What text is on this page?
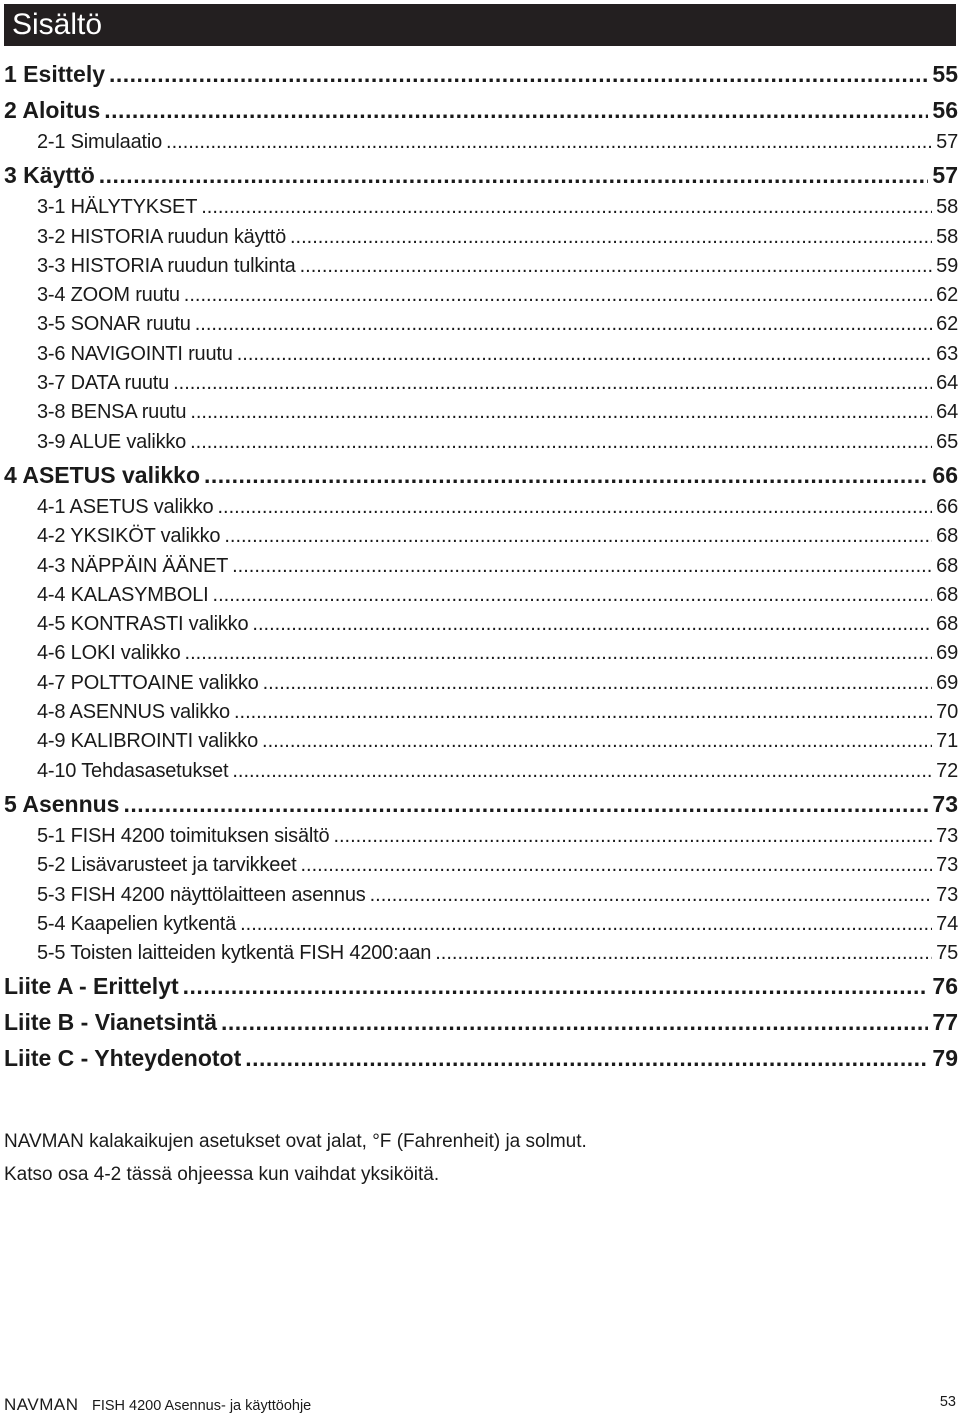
Sisältö
1 Esittely .....	55
2 Aloitus .....	56
2-1 Simulaatio .....	57
3 Käyttö .....	57
3-1 HÄLYTYKSET .....	58
3-2 HISTORIA ruudun käyttö .....	58
3-3 HISTORIA ruudun tulkinta .....	59
3-4 ZOOM ruutu .....	62
3-5 SONAR ruutu .....	62
3-6 NAVIGOINTI ruutu .....	63
3-7 DATA ruutu .....	64
3-8 BENSA ruutu .....	64
3-9 ALUE valikko .....	65
4 ASETUS valikko .....	66
4-1 ASETUS valikko .....	66
4-2 YKSIKÖT valikko .....	68
4-3 NÄPPÄIN ÄÄNET .....	68
4-4 KALASYMBOLI .....	68
4-5 KONTRASTI valikko .....	68
4-6 LOKI valikko .....	69
4-7 POLTTOAINE valikko .....	69
4-8 ASENNUS valikko .....	70
4-9 KALIBROINTI valikko .....	71
4-10 Tehdasasetukset .....	72
5 Asennus .....	73
5-1 FISH 4200 toimituksen sisältö .....	73
5-2 Lisävarusteet ja tarvikkeet .....	73
5-3 FISH 4200 näyttölaitteen asennus .....	73
5-4 Kaapelien kytkentä .....	74
5-5 Toisten laitteiden kytkentä FISH 4200:aan .....	75
Liite A - Erittelyt .....	76
Liite B - Vianetsintä .....	77
Liite C - Yhteydenotot .....	79
NAVMAN kalakaikujen asetukset ovat jalat, °F (Fahrenheit) ja solmut.
Katso osa 4-2 tässä ohjeessa kun vaihdat yksiköitä.
NAVMAN FISH 4200 Asennus- ja käyttöohje	53
